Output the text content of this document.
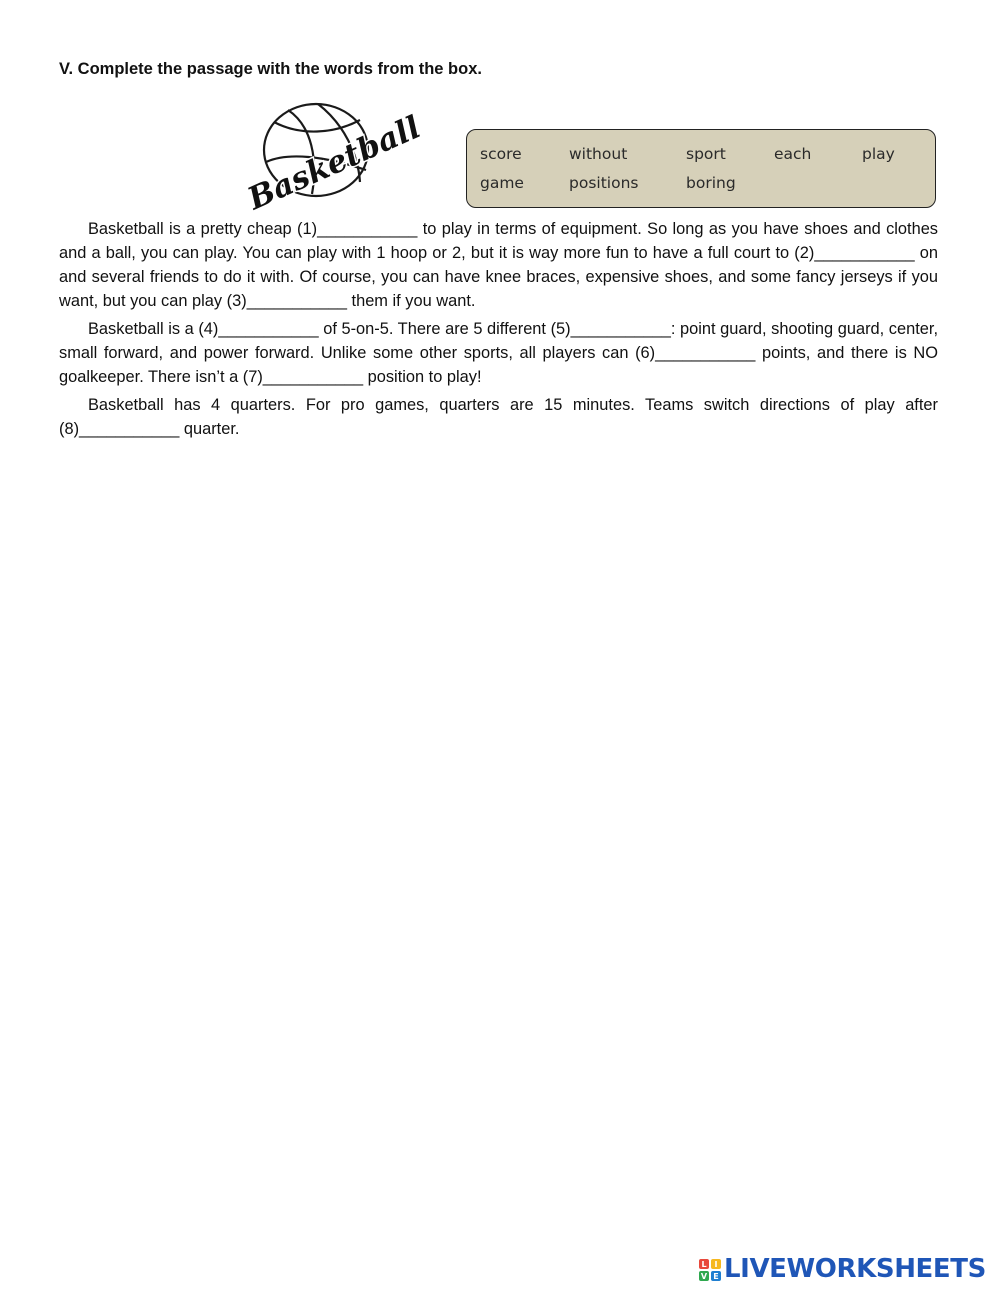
V. Complete the passage with the words from the box.
Basketball	score	without	sport	each	play
game	positions	boring

Basketball is a pretty cheap (1)___________ to play in terms of equipment. So long as you have shoes and clothes and a ball, you can play. You can play with 1 hoop or 2, but it is way more fun to have a full court to (2)___________ on and several friends to do it with. Of course, you can have knee braces, expensive shoes, and some fancy jerseys if you want, but you can play (3)___________ them if you want.

Basketball is a (4)___________ of 5-on-5. There are 5 different (5)___________: point guard, shooting guard, center, small forward, and power forward. Unlike some other sports, all players can (6)___________ points, and there is NO goalkeeper. There isn’t a (7)___________ position to play!

Basketball has 4 quarters. For pro games, quarters are 15 minutes. Teams switch directions of play after (8)___________ quarter.

L I
V E LIVEWORKSHEETS
